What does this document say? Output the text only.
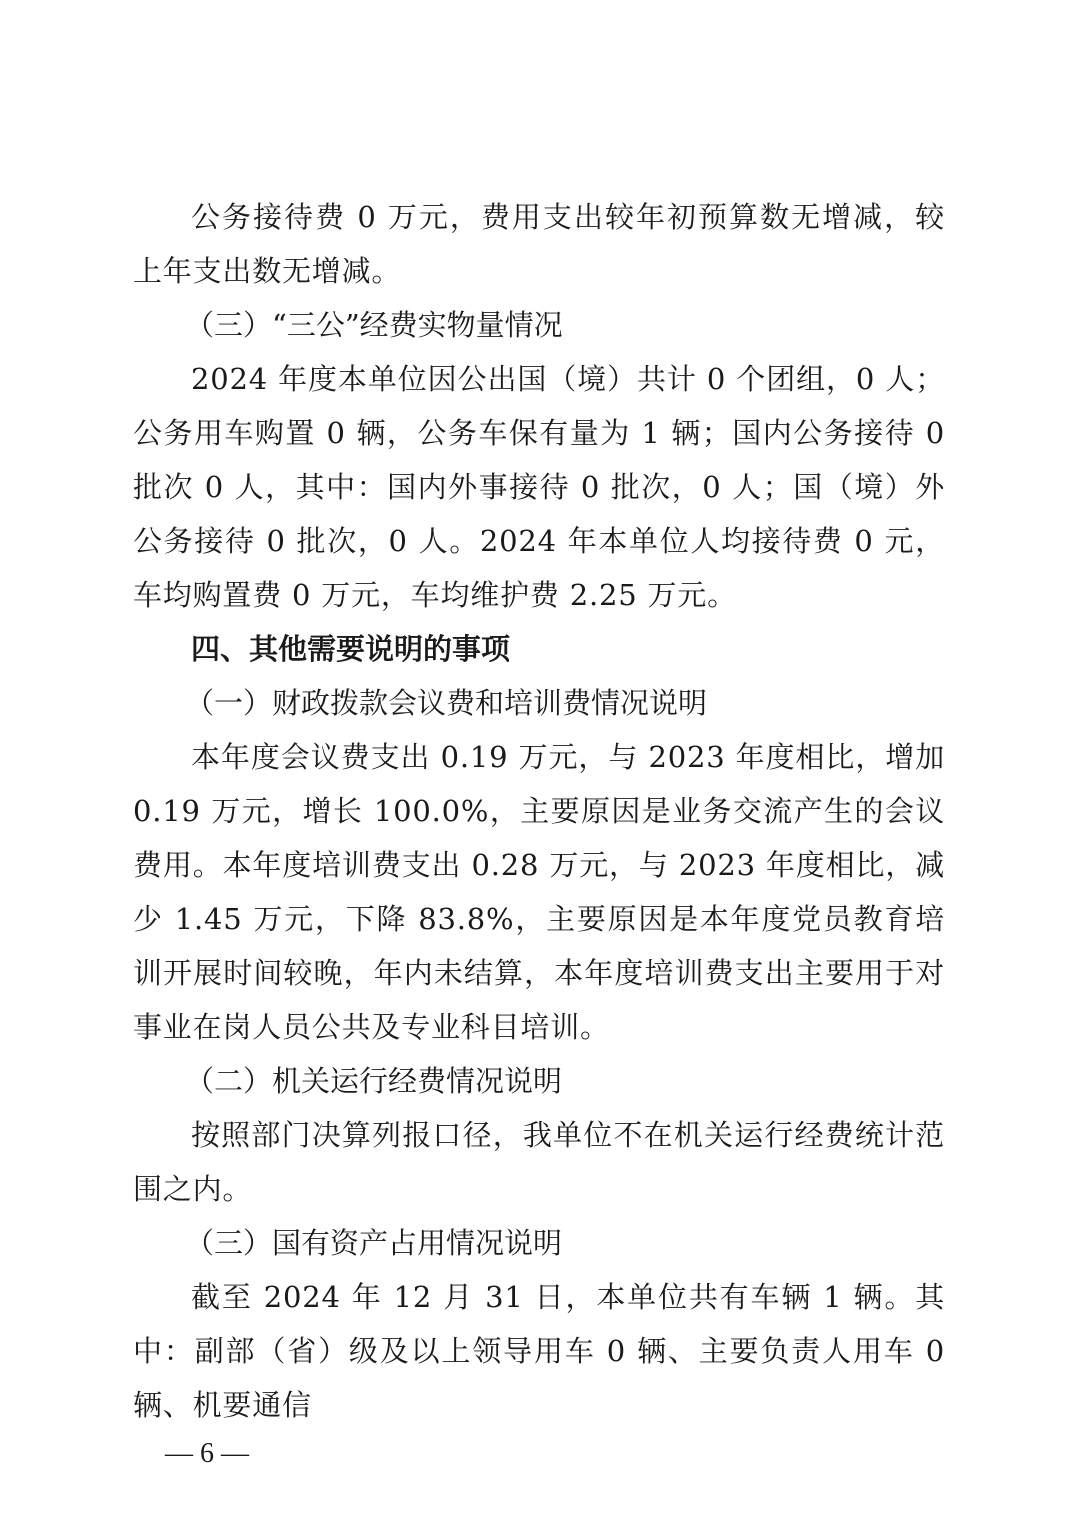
公务接待费 0 万元，费用支出较年初预算数无增减，较上年支出数无增减。

（三）“三公”经费实物量情况

2024 年度本单位因公出国（境）共计 0 个团组，0 人；公务用车购置 0 辆，公务车保有量为 1 辆；国内公务接待 0 批次 0 人，其中：国内外事接待 0 批次，0 人；国（境）外公务接待 0 批次，0 人。2024 年本单位人均接待费 0 元，车均购置费 0 万元，车均维护费 2.25 万元。

四、其他需要说明的事项

（一）财政拨款会议费和培训费情况说明

本年度会议费支出 0.19 万元，与 2023 年度相比，增加 0.19 万元，增长 100.0%，主要原因是业务交流产生的会议费用。本年度培训费支出 0.28 万元，与 2023 年度相比，减少 1.45 万元，下降 83.8%，主要原因是本年度党员教育培训开展时间较晚，年内未结算，本年度培训费支出主要用于对事业在岗人员公共及专业科目培训。

（二）机关运行经费情况说明

按照部门决算列报口径，我单位不在机关运行经费统计范围之内。

（三）国有资产占用情况说明

截至 2024 年 12 月 31 日，本单位共有车辆 1 辆。其中：副部（省）级及以上领导用车 0 辆、主要负责人用车 0 辆、机要通信

— 6 —
